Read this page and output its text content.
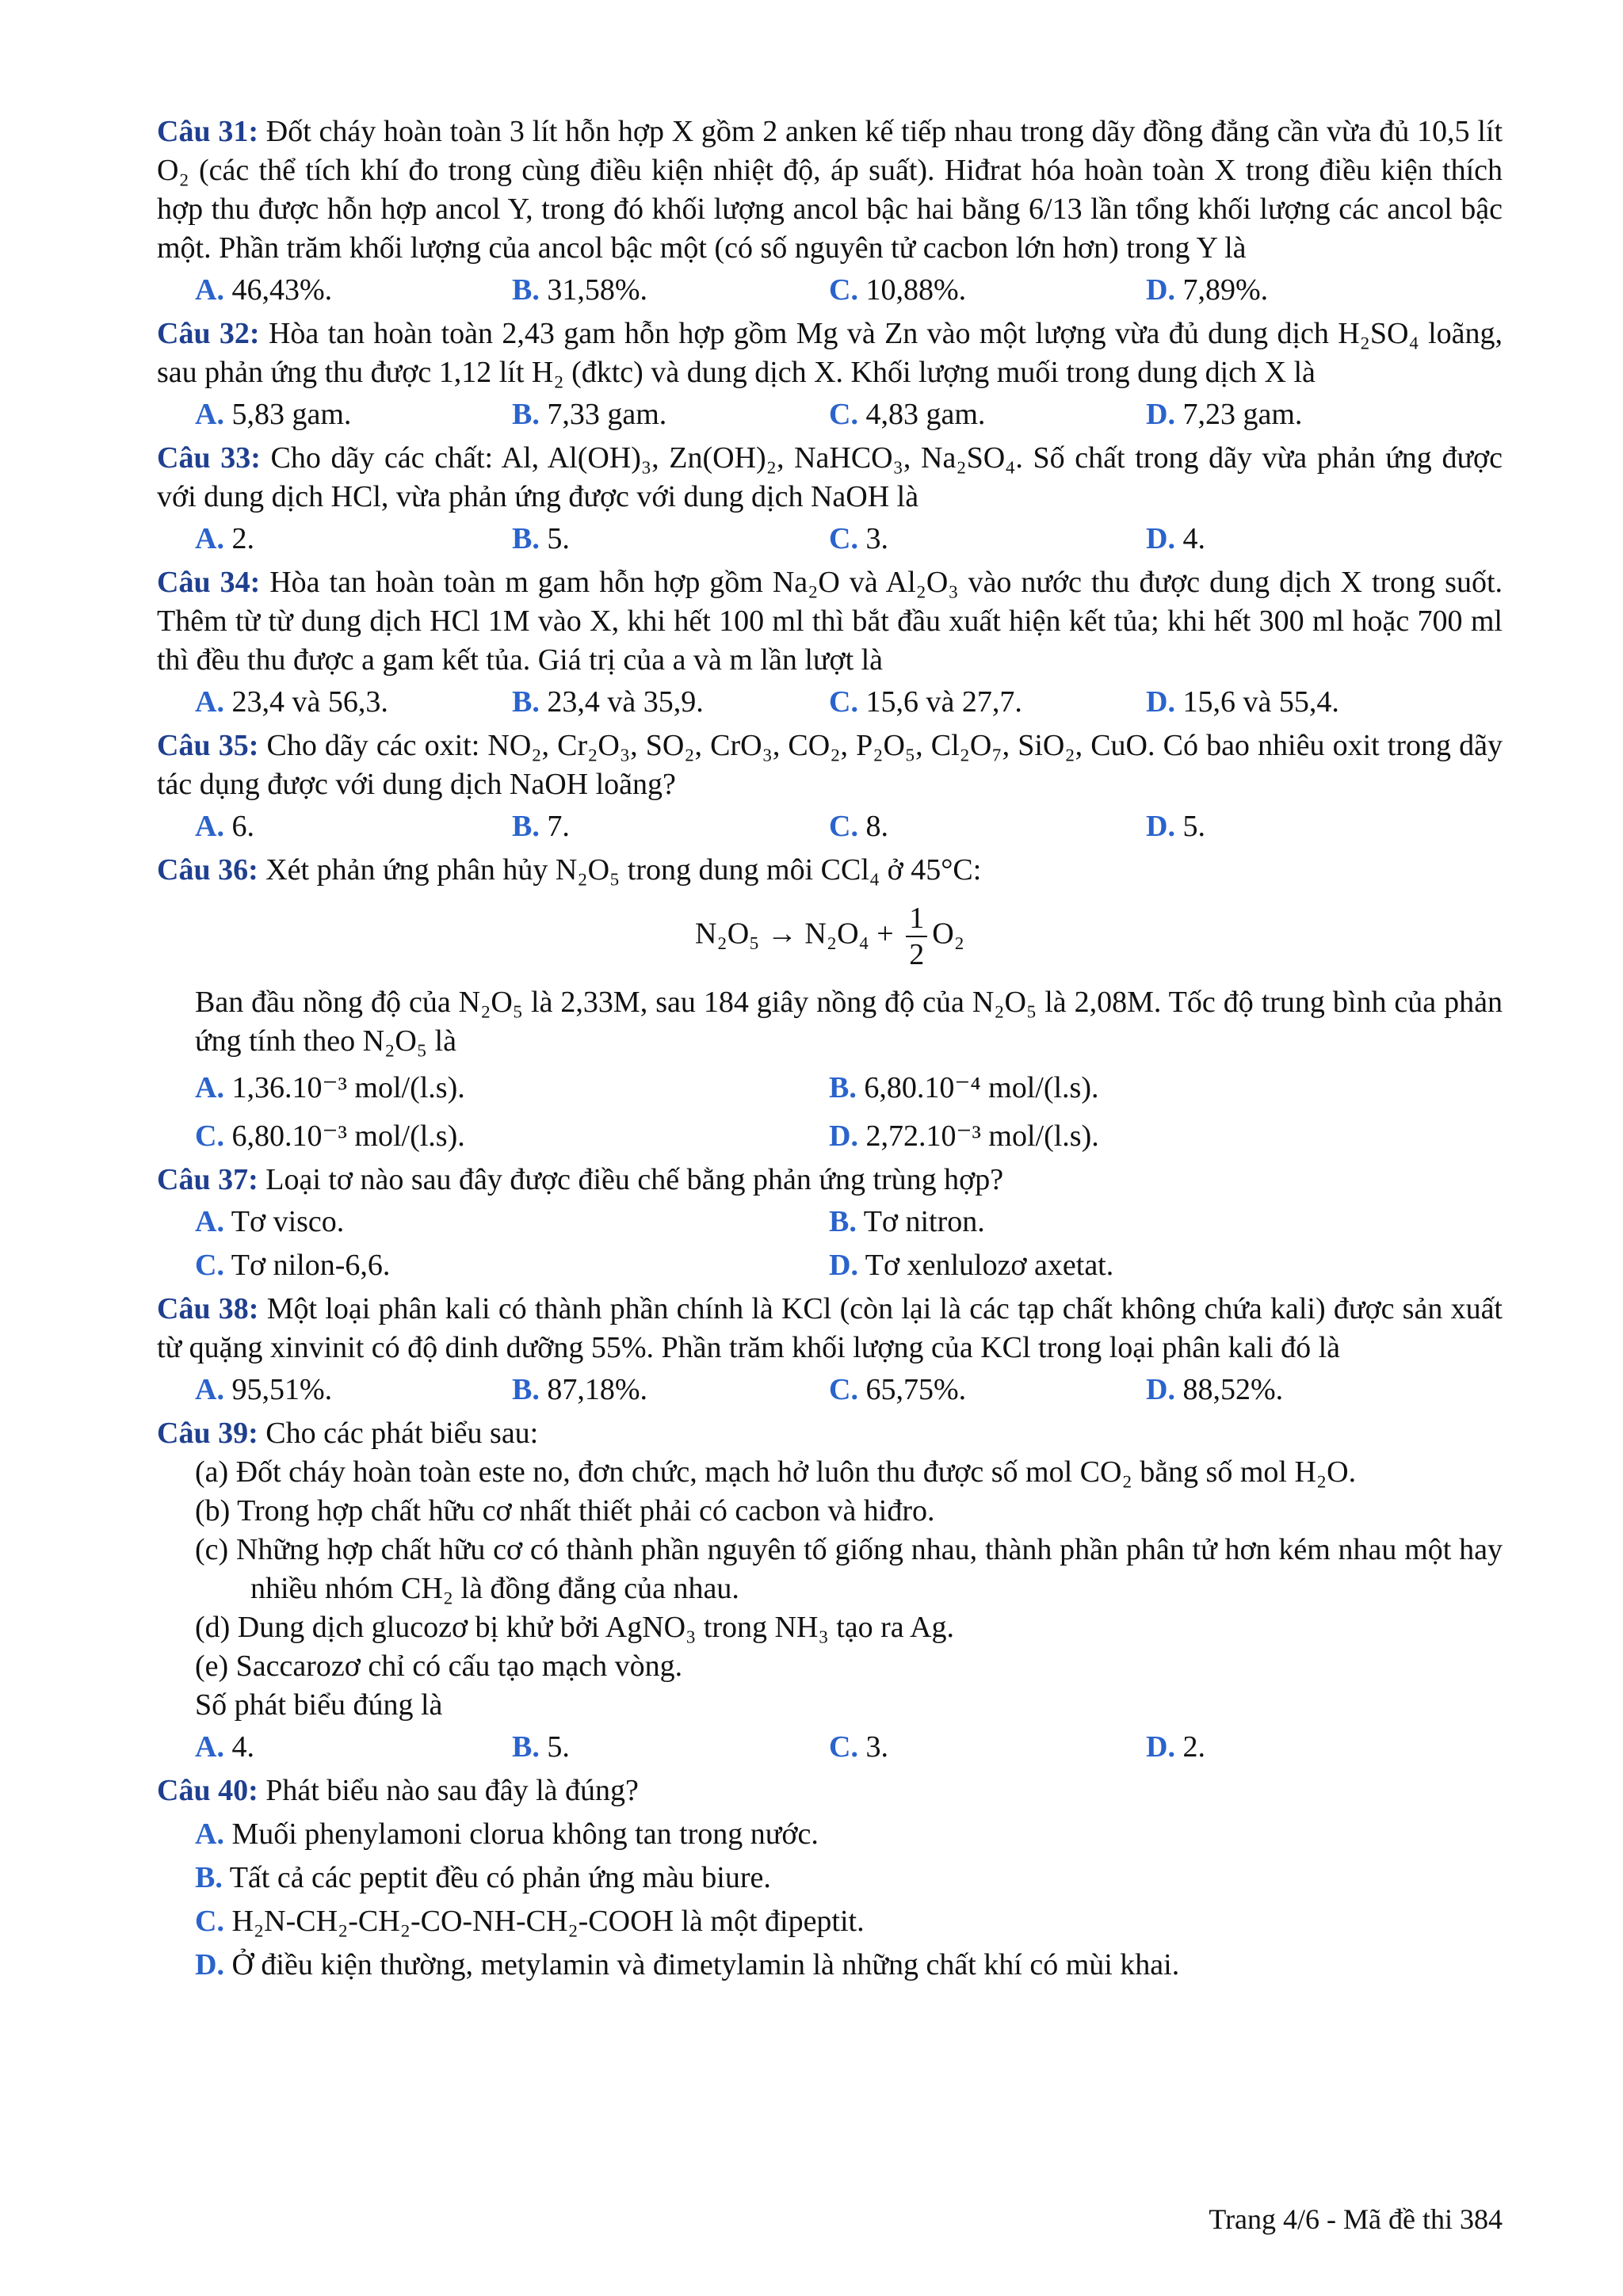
Câu 31: Đốt cháy hoàn toàn 3 lít hỗn hợp X gồm 2 anken kế tiếp nhau trong dãy đồng đẳng cần vừa đủ 10,5 lít O₂ (các thể tích khí đo trong cùng điều kiện nhiệt độ, áp suất). Hiđrat hóa hoàn toàn X trong điều kiện thích hợp thu được hỗn hợp ancol Y, trong đó khối lượng ancol bậc hai bằng 6/13 lần tổng khối lượng các ancol bậc một. Phần trăm khối lượng của ancol bậc một (có số nguyên tử cacbon lớn hơn) trong Y là

A. 46,43%.	B. 31,58%.	C. 10,88%.	D. 7,89%.

Câu 32: Hòa tan hoàn toàn 2,43 gam hỗn hợp gồm Mg và Zn vào một lượng vừa đủ dung dịch H₂SO₄ loãng, sau phản ứng thu được 1,12 lít H₂ (đktc) và dung dịch X. Khối lượng muối trong dung dịch X là

A. 5,83 gam.	B. 7,33 gam.	C. 4,83 gam.	D. 7,23 gam.

Câu 33: Cho dãy các chất: Al, Al(OH)₃, Zn(OH)₂, NaHCO₃, Na₂SO₄. Số chất trong dãy vừa phản ứng được với dung dịch HCl, vừa phản ứng được với dung dịch NaOH là

A. 2.	B. 5.	C. 3.	D. 4.

Câu 34: Hòa tan hoàn toàn m gam hỗn hợp gồm Na₂O và Al₂O₃ vào nước thu được dung dịch X trong suốt. Thêm từ từ dung dịch HCl 1M vào X, khi hết 100 ml thì bắt đầu xuất hiện kết tủa; khi hết 300 ml hoặc 700 ml thì đều thu được a gam kết tủa. Giá trị của a và m lần lượt là

A. 23,4 và 56,3.	B. 23,4 và 35,9.	C. 15,6 và 27,7.	D. 15,6 và 55,4.

Câu 35: Cho dãy các oxit: NO₂, Cr₂O₃, SO₂, CrO₃, CO₂, P₂O₅, Cl₂O₇, SiO₂, CuO. Có bao nhiêu oxit trong dãy tác dụng được với dung dịch NaOH loãng?

A. 6.	B. 7.	C. 8.	D. 5.

Câu 36: Xét phản ứng phân hủy N₂O₅ trong dung môi CCl₄ ở 45°C:

$N_2O_5 \to N_2O_4 + \frac{1}{2} O_2$

Ban đầu nồng độ của N₂O₅ là 2,33M, sau 184 giây nồng độ của N₂O₅ là 2,08M. Tốc độ trung bình của phản ứng tính theo N₂O₅ là

A. 1,36.10⁻³ mol/(l.s).	B. 6,80.10⁻⁴ mol/(l.s).
C. 6,80.10⁻³ mol/(l.s).	D. 2,72.10⁻³ mol/(l.s).

Câu 37: Loại tơ nào sau đây được điều chế bằng phản ứng trùng hợp?

A. Tơ visco.	B. Tơ nitron.
C. Tơ nilon-6,6.	D. Tơ xenlulozơ axetat.

Câu 38: Một loại phân kali có thành phần chính là KCl (còn lại là các tạp chất không chứa kali) được sản xuất từ quặng xinvinit có độ dinh dưỡng 55%. Phần trăm khối lượng của KCl trong loại phân kali đó là

A. 95,51%.	B. 87,18%.	C. 65,75%.	D. 88,52%.

Câu 39: Cho các phát biểu sau:

(a) Đốt cháy hoàn toàn este no, đơn chức, mạch hở luôn thu được số mol CO₂ bằng số mol H₂O.

(b) Trong hợp chất hữu cơ nhất thiết phải có cacbon và hiđro.

(c) Những hợp chất hữu cơ có thành phần nguyên tố giống nhau, thành phần phân tử hơn kém nhau một hay nhiều nhóm CH₂ là đồng đẳng của nhau.

(d) Dung dịch glucozơ bị khử bởi AgNO₃ trong NH₃ tạo ra Ag.

(e) Saccarozơ chỉ có cấu tạo mạch vòng.

Số phát biểu đúng là

A. 4.	B. 5.	C. 3.	D. 2.

Câu 40: Phát biểu nào sau đây là đúng?

A. Muối phenylamoni clorua không tan trong nước.
B. Tất cả các peptit đều có phản ứng màu biure.
C. H₂N-CH₂-CH₂-CO-NH-CH₂-COOH là một đipeptit.
D. Ở điều kiện thường, metylamin và đimetylamin là những chất khí có mùi khai.
Trang 4/6 - Mã đề thi 384
